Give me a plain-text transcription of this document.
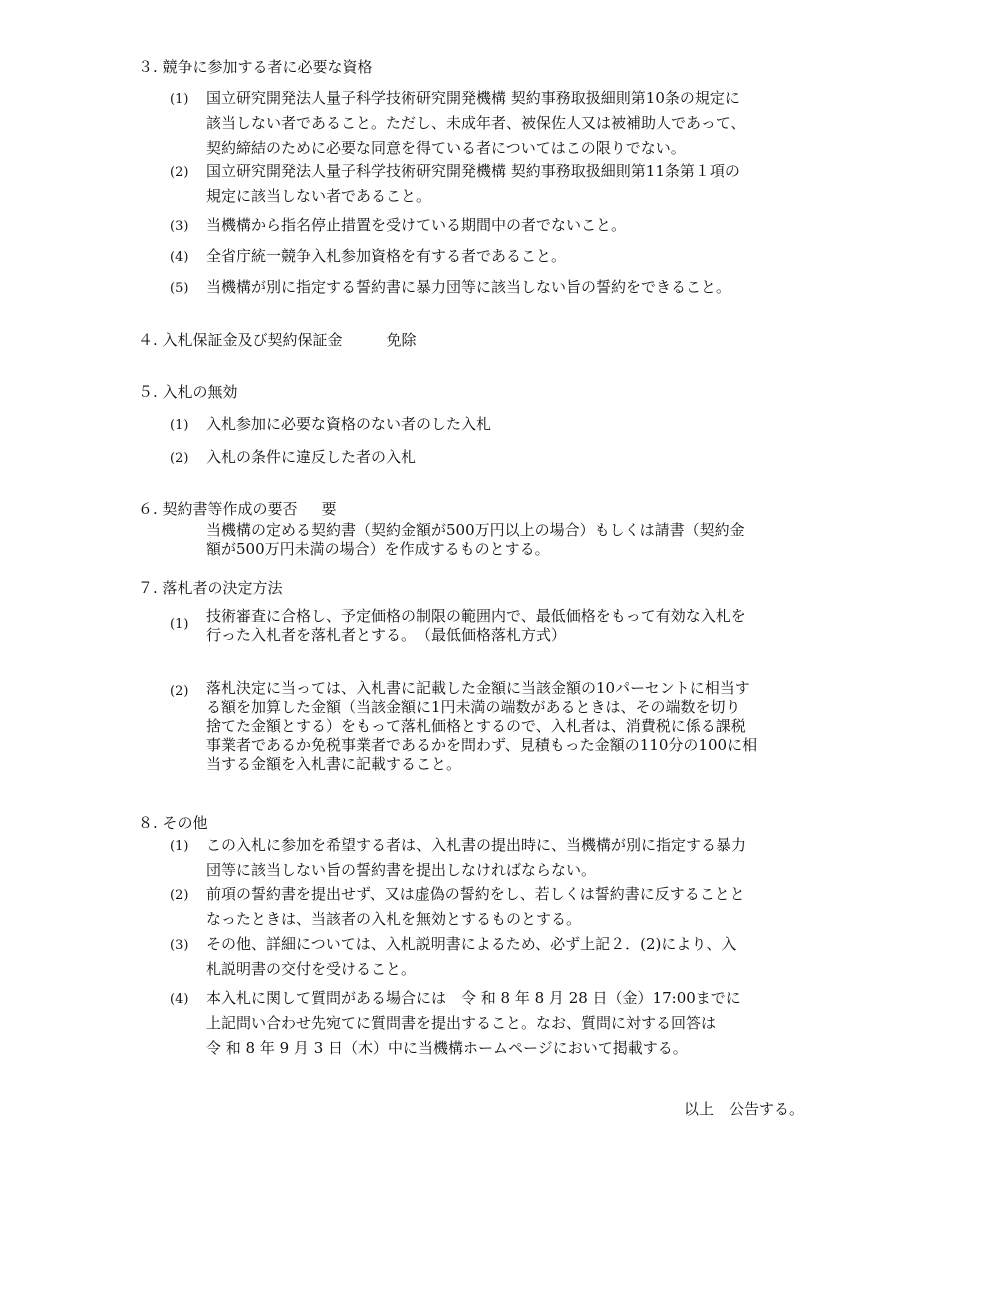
３. 競争に参加する者に必要な資格
(1)	国立研究開発法人量子科学技術研究開発機構 契約事務取扱細則第10条の規定に
該当しない者であること。ただし、未成年者、被保佐人又は被補助人であって、
契約締結のために必要な同意を得ている者についてはこの限りでない。
(2)	国立研究開発法人量子科学技術研究開発機構 契約事務取扱細則第11条第１項の
規定に該当しない者であること。
(3)	当機構から指名停止措置を受けている期間中の者でないこと。
(4)	全省庁統一競争入札参加資格を有する者であること。
(5)	当機構が別に指定する誓約書に暴力団等に該当しない旨の誓約をできること。
４. 入札保証金及び契約保証金	免除
５. 入札の無効
(1)	入札参加に必要な資格のない者のした入札
(2)	入札の条件に違反した者の入札
６. 契約書等作成の要否 要
当機構の定める契約書（契約金額が500万円以上の場合）もしくは請書（契約金
額が500万円未満の場合）を作成するものとする。
７. 落札者の決定方法
(1)	技術審査に合格し、予定価格の制限の範囲内で、最低価格をもって有効な入札を
行った入札者を落札者とする。　（最低価格落札方式）
(2)	落札決定に当っては、入札書に記載した金額に当該金額の10パーセントに相当す
る額を加算した金額（当該金額に1円未満の端数があるときは、その端数を切り
捨てた金額とする）をもって落札価格とするので、入札者は、消費税に係る課税
事業者であるか免税事業者であるかを問わず、見積もった金額の110分の100に相
当する金額を入札書に記載すること。
８. その他
(1)	この入札に参加を希望する者は、入札書の提出時に、当機構が別に指定する暴力
団等に該当しない旨の誓約書を提出しなければならない。
(2)	前項の誓約書を提出せず、又は虚偽の誓約をし、若しくは誓約書に反することと
なったときは、当該者の入札を無効とするものとする。
(3)	その他、詳細については、入札説明書によるため、必ず上記２．(2)により、入
札説明書の交付を受けること。
(4)	本入札に関して質問がある場合には　令 和 8 年 8 月 28 日（金）17:00までに
上記問い合わせ先宛てに質問書を提出すること。なお、質問に対する回答は
令 和 8 年 9 月 3 日（木）中に当機構ホームページにおいて掲載する。
以上　公告する。
